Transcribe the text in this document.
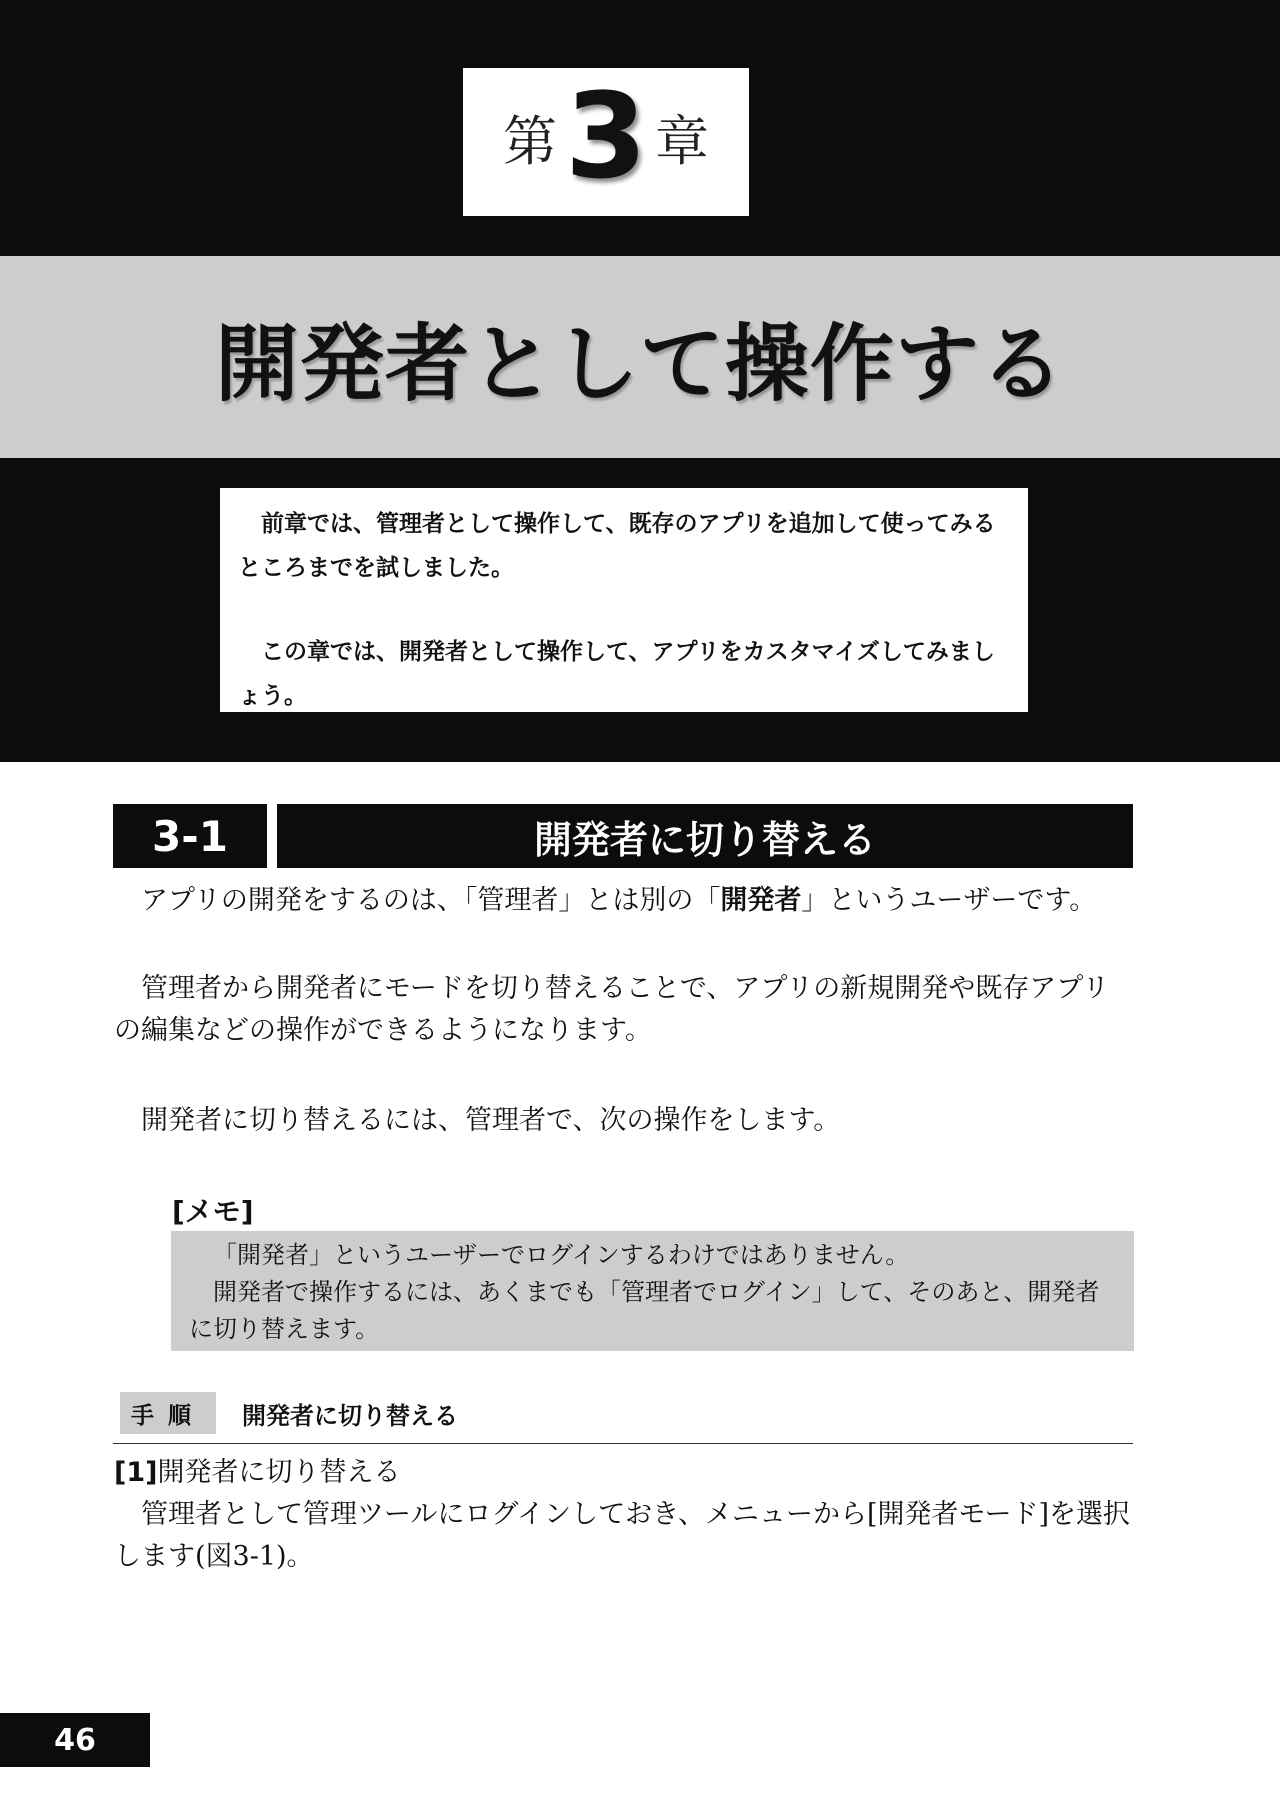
第 3 章
開発者として操作する

前章では、管理者として操作して、既存のアプリを追加して使ってみるところまでを試しました。

この章では、開発者として操作して、アプリをカスタマイズしてみましょう。

3-1	開発者に切り替える
アプリの開発をするのは、「管理者」とは別の「開発者」というユーザーです。
管理者から開発者にモードを切り替えることで、アプリの新規開発や既存アプリの編集などの操作ができるようになります。
開発者に切り替えるには、管理者で、次の操作をします。
[メモ]

「開発者」というユーザーでログインするわけではありません。

開発者で操作するには、あくまでも「管理者でログイン」して、そのあと、開発者に切り替えます。

手順	開発者に切り替える
[1]開発者に切り替える
管理者として管理ツールにログインしておき、メニューから[開発者モード]を選択します(図3-1)。
46
